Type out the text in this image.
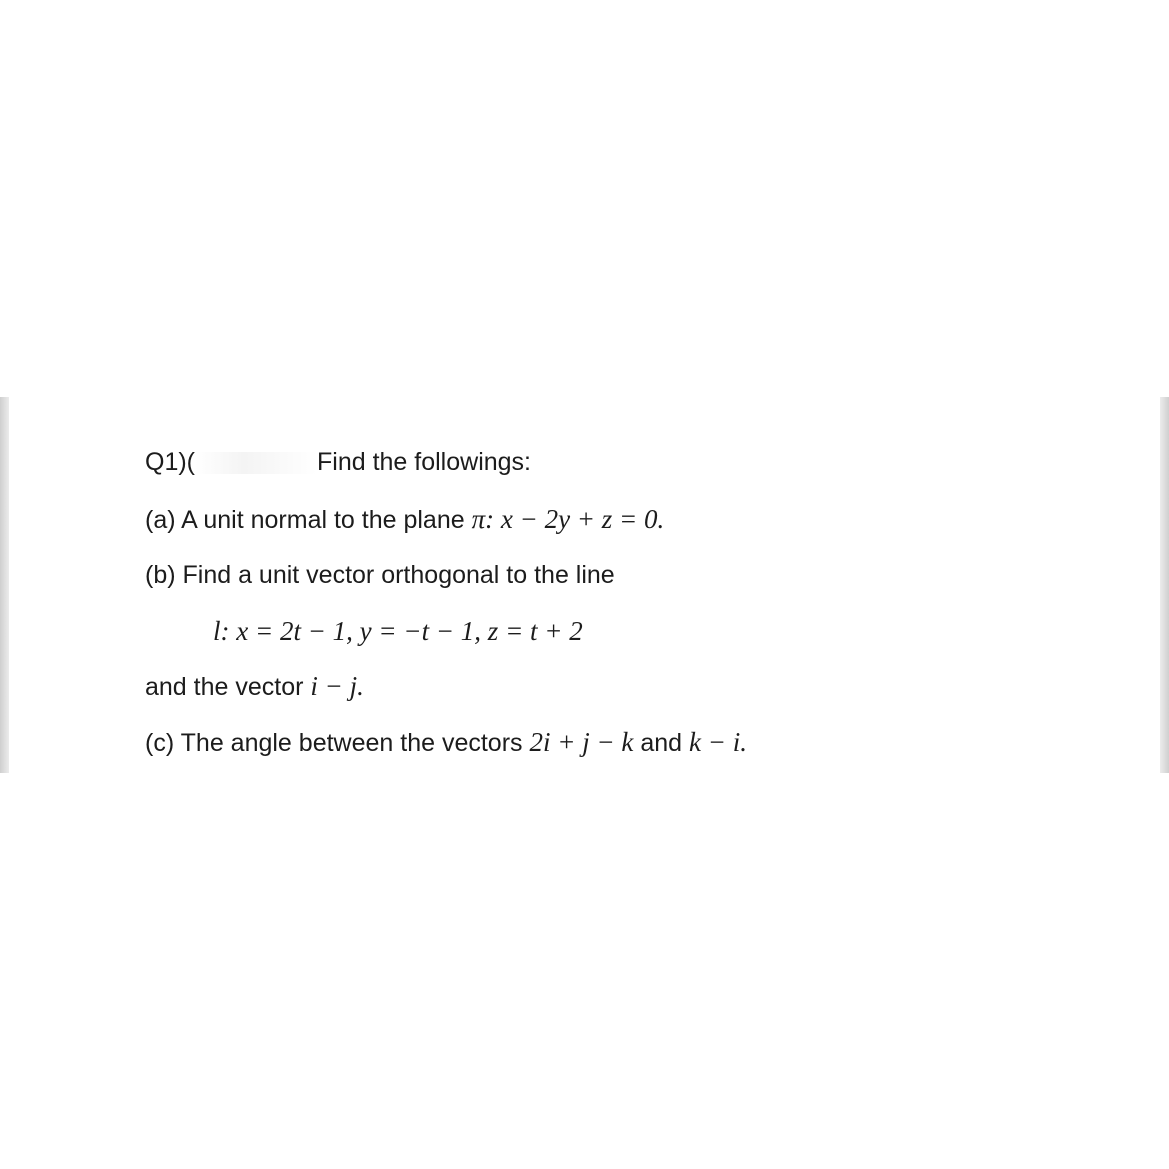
Q1)(	Find the followings:
(a) A unit normal to the plane π: x − 2y + z = 0.
(b) Find a unit vector orthogonal to the line
l: x = 2t − 1, y = −t − 1, z = t + 2
and the vector i − j.
(c) The angle between the vectors 2i + j − k and k − i.
